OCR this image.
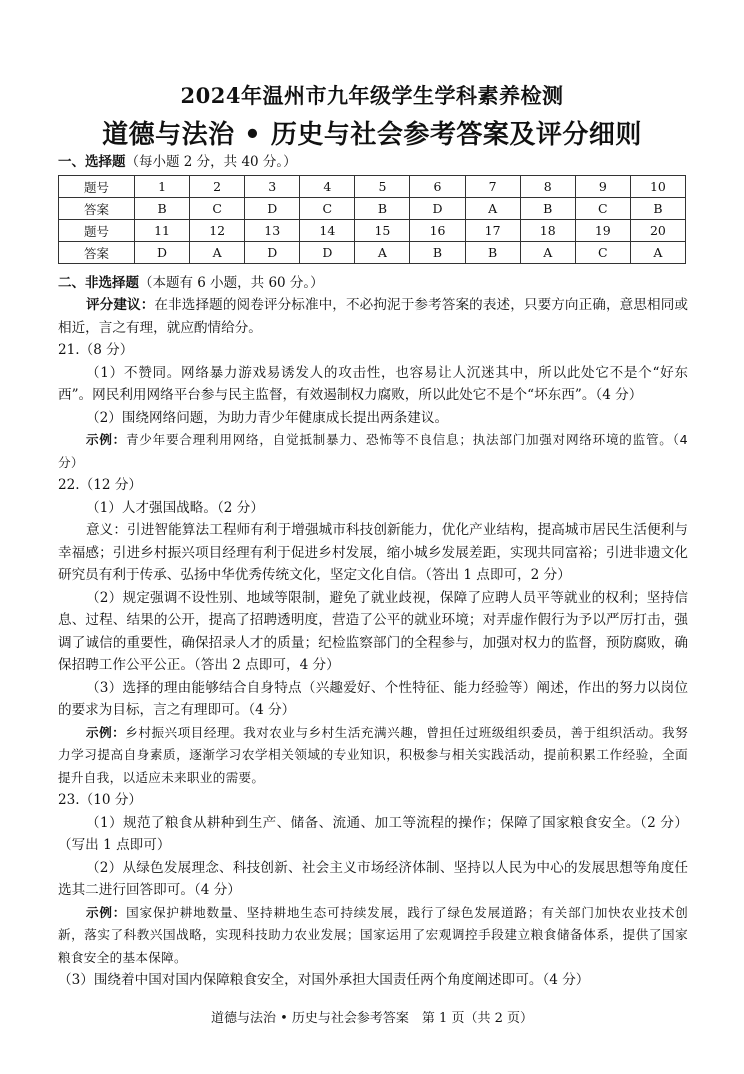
2024年温州市九年级学生学科素养检测
道德与法治 • 历史与社会参考答案及评分细则
一、选择题（每小题 2 分，共 40 分。）
题号	1	2	3	4	5	6	7	8	9	10
答案	B	C	D	C	B	D	A	B	C	B
题号	11	12	13	14	15	16	17	18	19	20
答案	D	A	D	D	A	B	B	A	C	A
二、非选择题（本题有 6 小题，共 60 分。）
评分建议：在非选择题的阅卷评分标准中，不必拘泥于参考答案的表述，只要方向正确，意思相同或相近，言之有理，就应酌情给分。
21.（8 分）
（1）不赞同。网络暴力游戏易诱发人的攻击性，也容易让人沉迷其中，所以此处它不是个“好东西”。网民利用网络平台参与民主监督，有效遏制权力腐败，所以此处它不是个“坏东西”。（4 分）
（2）围绕网络问题，为助力青少年健康成长提出两条建议。
示例：青少年要合理利用网络，自觉抵制暴力、恐怖等不良信息；执法部门加强对网络环境的监管。（4 分）
22.（12 分）
（1）人才强国战略。（2 分）
意义：引进智能算法工程师有利于增强城市科技创新能力，优化产业结构，提高城市居民生活便利与幸福感；引进乡村振兴项目经理有利于促进乡村发展，缩小城乡发展差距，实现共同富裕；引进非遗文化研究员有利于传承、弘扬中华优秀传统文化，坚定文化自信。（答出 1 点即可，2 分）
（2）规定强调不设性别、地域等限制，避免了就业歧视，保障了应聘人员平等就业的权利；坚持信息、过程、结果的公开，提高了招聘透明度，营造了公平的就业环境；对弄虚作假行为予以严厉打击，强调了诚信的重要性，确保招录人才的质量；纪检监察部门的全程参与，加强对权力的监督，预防腐败，确保招聘工作公平公正。（答出 2 点即可，4 分）
（3）选择的理由能够结合自身特点（兴趣爱好、个性特征、能力经验等）阐述，作出的努力以岗位的要求为目标，言之有理即可。（4 分）
示例：乡村振兴项目经理。我对农业与乡村生活充满兴趣，曾担任过班级组织委员，善于组织活动。我努力学习提高自身素质，逐渐学习农学相关领域的专业知识，积极参与相关实践活动，提前积累工作经验，全面提升自我，以适应未来职业的需要。
23.（10 分）
（1）规范了粮食从耕种到生产、储备、流通、加工等流程的操作；保障了国家粮食安全。（2 分）（写出 1 点即可）
（2）从绿色发展理念、科技创新、社会主义市场经济体制、坚持以人民为中心的发展思想等角度任选其二进行回答即可。（4 分）
示例：国家保护耕地数量、坚持耕地生态可持续发展，践行了绿色发展道路；有关部门加快农业技术创新，落实了科教兴国战略，实现科技助力农业发展；国家运用了宏观调控手段建立粮食储备体系，提供了国家粮食安全的基本保障。
（3）围绕着中国对国内保障粮食安全，对国外承担大国责任两个角度阐述即可。（4 分）
道德与法治 • 历史与社会参考答案　第 1 页（共 2 页）
